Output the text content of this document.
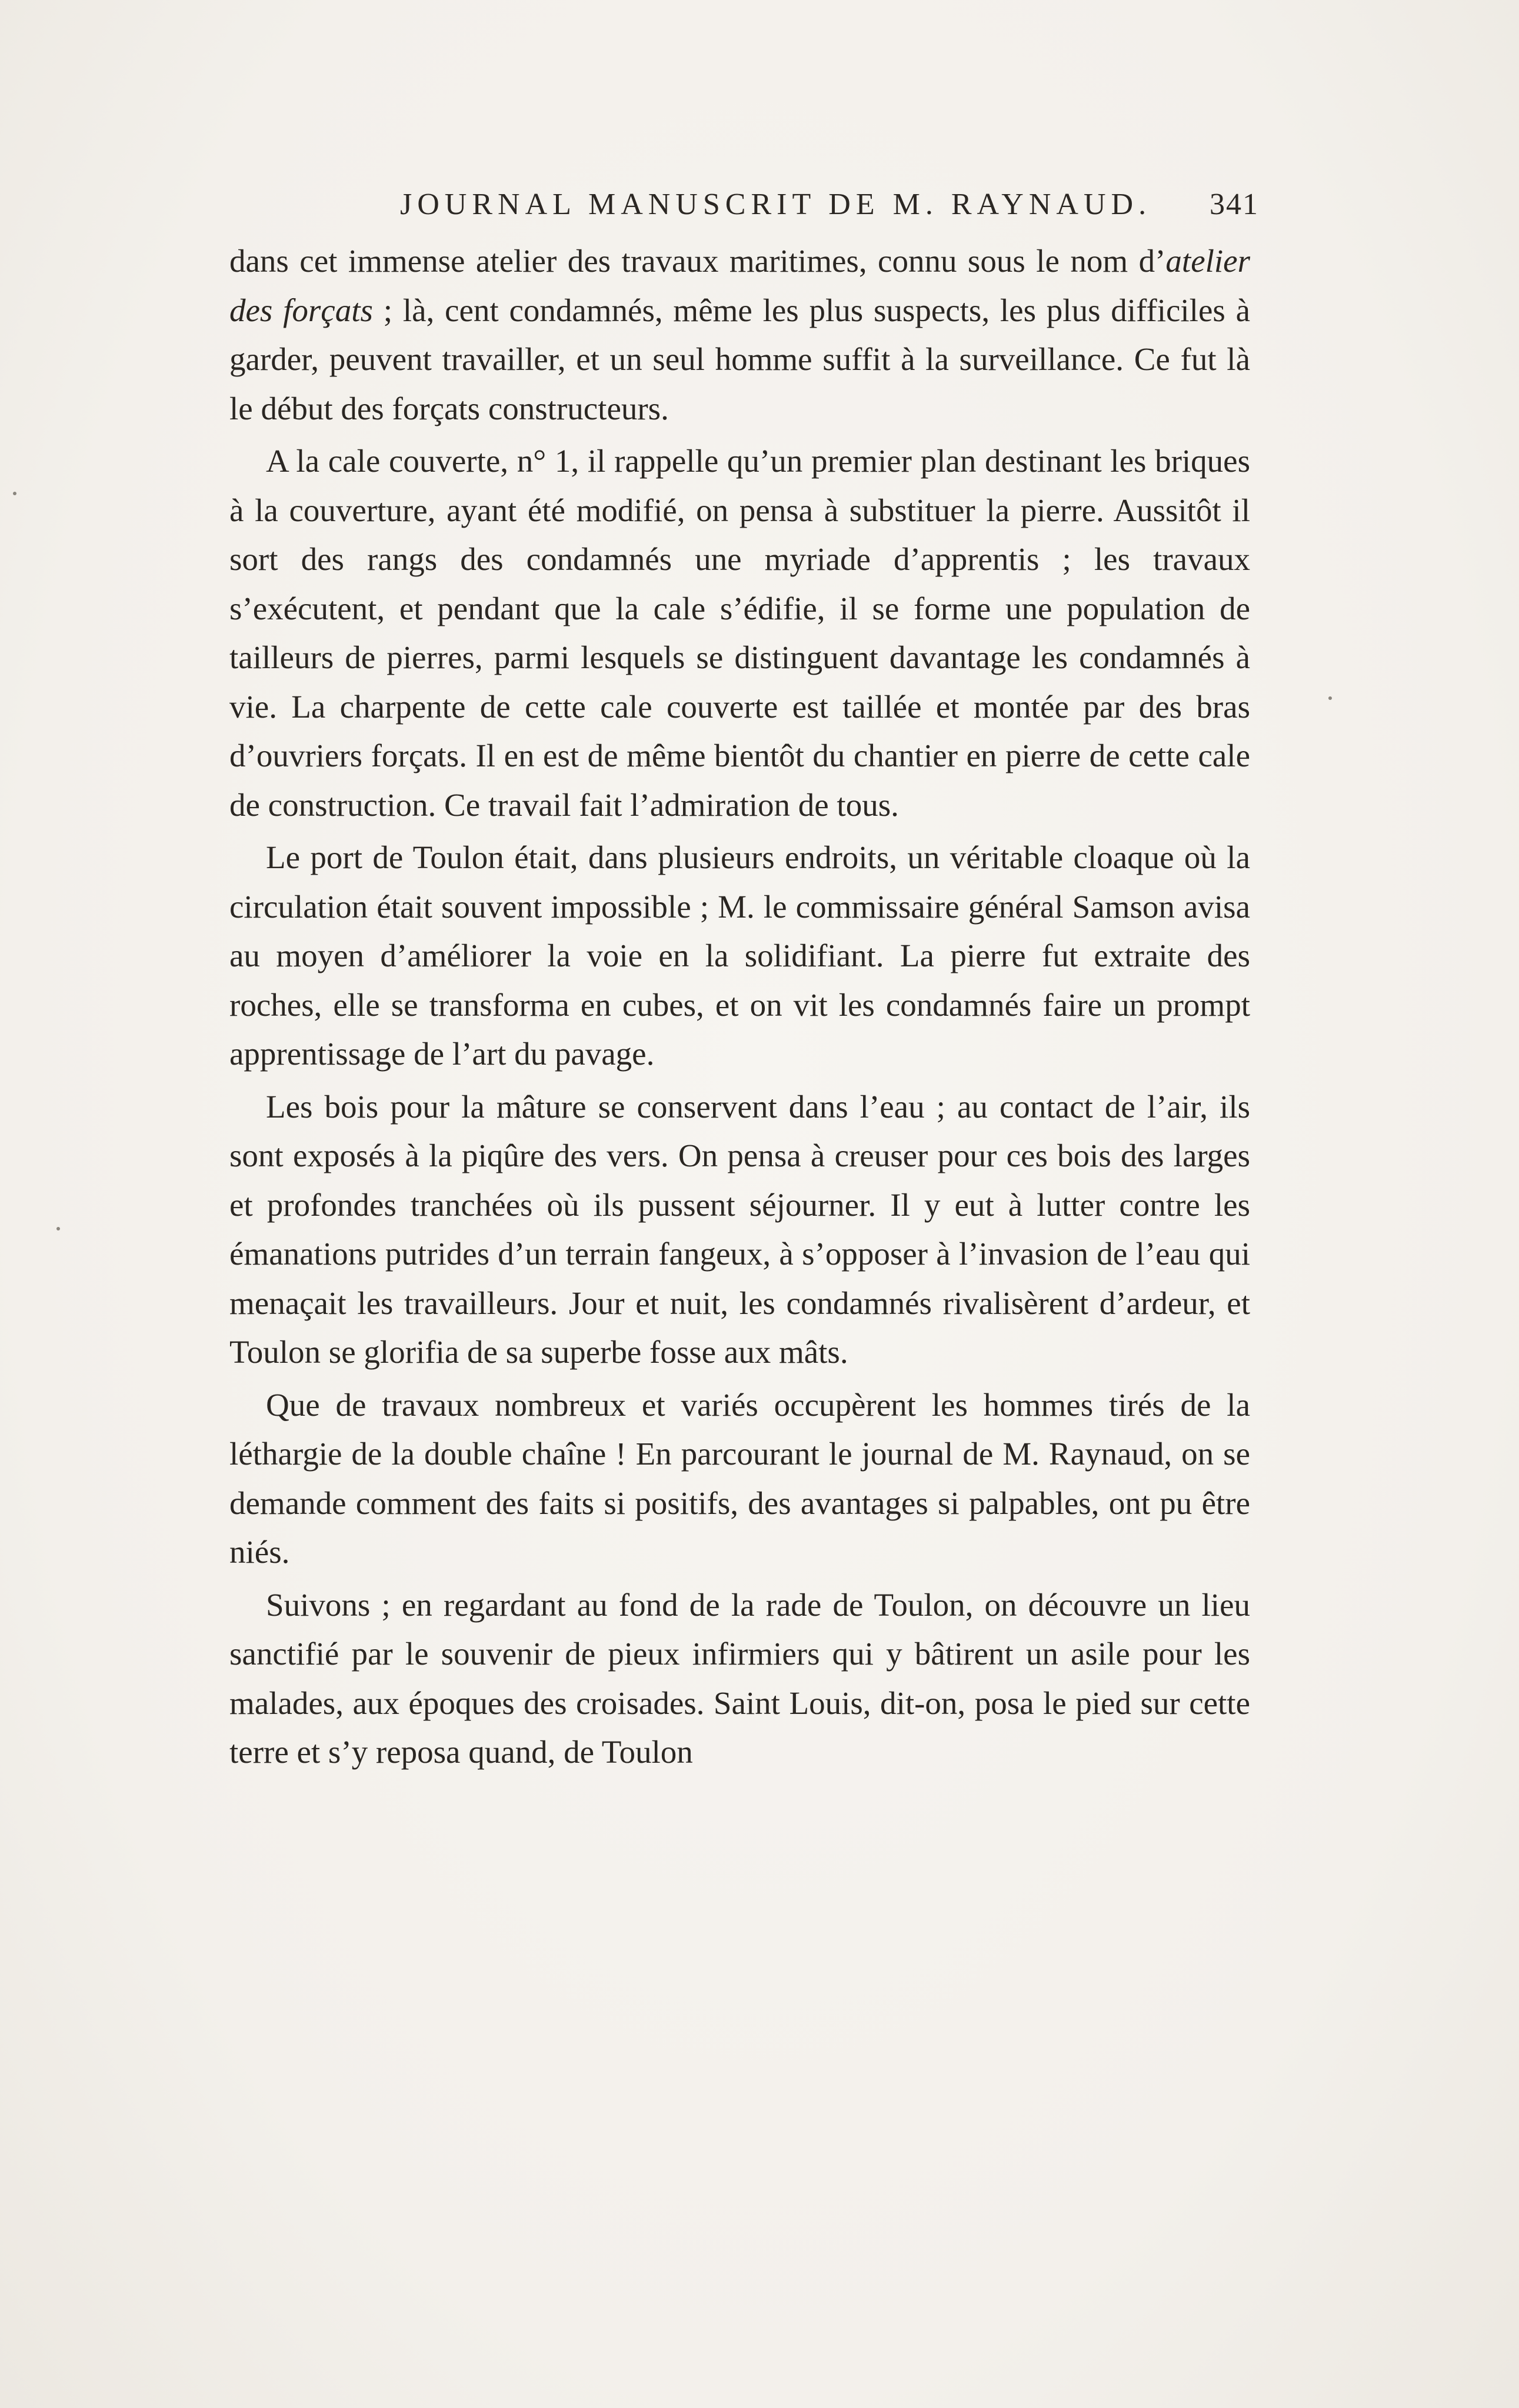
JOURNAL MANUSCRIT DE M. RAYNAUD. 341

dans cet immense atelier des travaux maritimes, connu sous le nom d’atelier des forçats ; là, cent condamnés, même les plus suspects, les plus difficiles à garder, peuvent travailler, et un seul homme suffit à la surveillance. Ce fut là le début des forçats constructeurs.

A la cale couverte, n° 1, il rappelle qu’un premier plan destinant les briques à la couverture, ayant été modifié, on pensa à substituer la pierre. Aussitôt il sort des rangs des condamnés une myriade d’apprentis ; les travaux s’exécutent, et pendant que la cale s’édifie, il se forme une population de tailleurs de pierres, parmi lesquels se distinguent davantage les condamnés à vie. La charpente de cette cale couverte est taillée et montée par des bras d’ouvriers forçats. Il en est de même bientôt du chantier en pierre de cette cale de construction. Ce travail fait l’admiration de tous.

Le port de Toulon était, dans plusieurs endroits, un véritable cloaque où la circulation était souvent impossible ; M. le commissaire général Samson avisa au moyen d’améliorer la voie en la solidifiant. La pierre fut extraite des roches, elle se transforma en cubes, et on vit les condamnés faire un prompt apprentissage de l’art du pavage.

Les bois pour la mâture se conservent dans l’eau ; au contact de l’air, ils sont exposés à la piqûre des vers. On pensa à creuser pour ces bois des larges et profondes tranchées où ils pussent séjourner. Il y eut à lutter contre les émanations putrides d’un terrain fangeux, à s’opposer à l’invasion de l’eau qui menaçait les travailleurs. Jour et nuit, les condamnés rivalisèrent d’ardeur, et Toulon se glorifia de sa superbe fosse aux mâts.

Que de travaux nombreux et variés occupèrent les hommes tirés de la léthargie de la double chaîne ! En parcourant le journal de M. Raynaud, on se demande comment des faits si positifs, des avantages si palpables, ont pu être niés.

Suivons ; en regardant au fond de la rade de Toulon, on découvre un lieu sanctifié par le souvenir de pieux infirmiers qui y bâtirent un asile pour les malades, aux époques des croisades. Saint Louis, dit-on, posa le pied sur cette terre et s’y reposa quand, de Toulon
